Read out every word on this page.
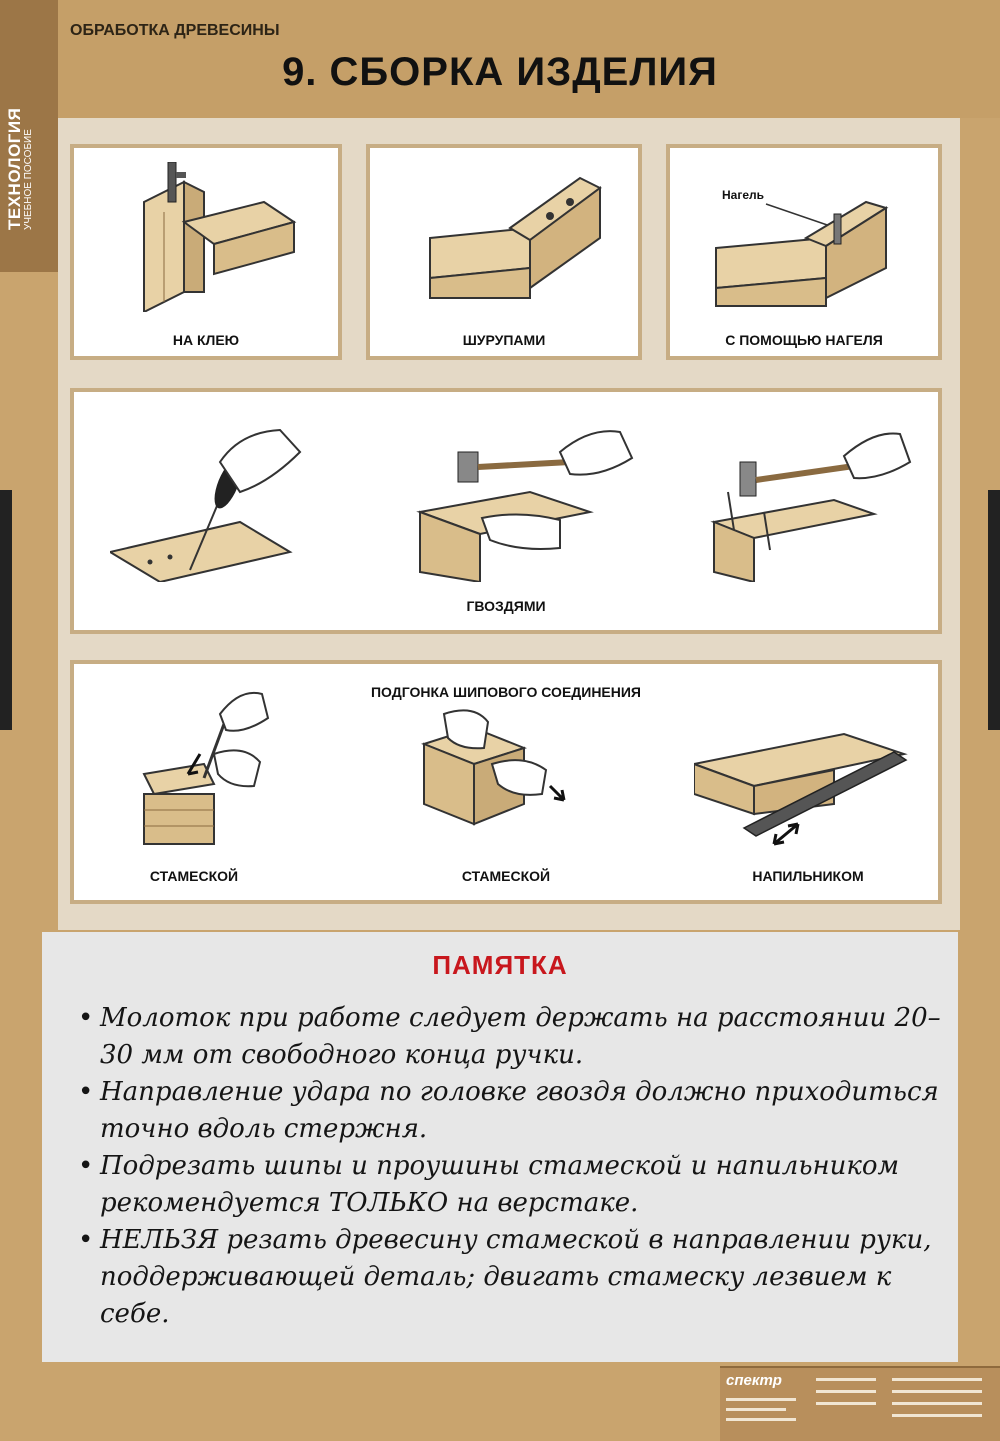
ТЕХНОЛОГИЯ
УЧЕБНОЕ ПОСОБИЕ
ОБРАБОТКА ДРЕВЕСИНЫ
9. СБОРКА ИЗДЕЛИЯ
НА КЛЕЮ	ШУРУПАМИ
Нагель
С ПОМОЩЬЮ НАГЕЛЯ
ГВОЗДЯМИ
ПОДГОНКА ШИПОВОГО СОЕДИНЕНИЯ
СТАМЕСКОЙ	СТАМЕСКОЙ	НАПИЛЬНИКОМ
ПАМЯТКА
• Молоток при работе следует держать на расстоянии 20–30 мм от свободного конца ручки.
• Направление удара по головке гвоздя должно приходиться точно вдоль стержня.
• Подрезать шипы и проушины стамеской и напильником рекомендуется ТОЛЬКО на верстаке.
• НЕЛЬЗЯ резать древесину стамеской в направлении руки, поддерживающей деталь; двигать стамеску лезвием к себе.
спектр
